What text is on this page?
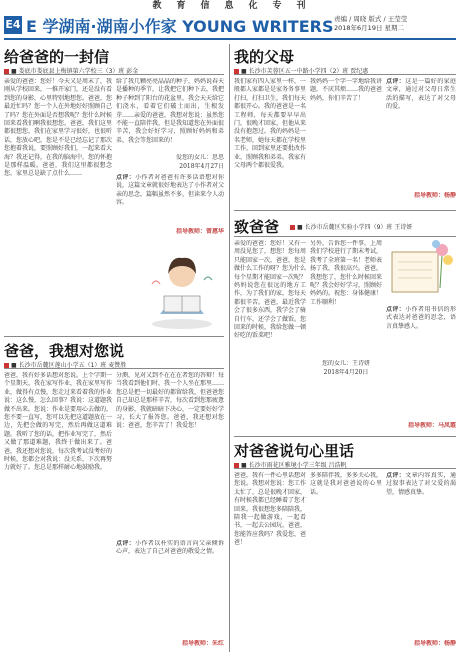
教 育 信 息 化 专 刊
E4 E 学湖南·湖南小作家 YOUNG WRITERS 责编 / 周晓 版式 / 王莹莹
2018年6月19日 星期二
给爸爸的一封信
■ 娄底市娄底县上梅镇第六学校三（3）班 彭金
亲爱的爸爸：您好！今天又是周末了，我刚从学校回来，一推开家门，还是没有看到您的身影，心里特别地想您。爸爸，您最近忙吗？您一个人在外地好好照顾自己了吗？您在外面是否想我呢？您什么时候回来看我们啊我很想您。爸爸，我们这里都很想您，我们在家里学习很好，也很听话，您放心吧。您是不是已经忘记了那次您抱着我说，要照顾好我们，一起来看大海？我还记得，在我的脑海中，您的怀抱是那样温暖。爸爸，我们这里都很想念您，家里总是缺了点什么……
给了我几颗亮亮晶晶的种子，妈妈说春天是播种的季节，让我把它们种下去，我把种子种到了阳台的花盆里，我会天天给它们浇水，看着它们破土而出，生根发芽……亲爱的爸爸，我想对您说：虽然您不能一直陪伴我，但是我知道您在外面很辛苦，我会好好学习，照顾好妈妈和弟弟，我会等您回来的！
爱您的女儿：思思
2018年4月27日
点评：小作者对爸爸有许多话语想对你说，这篇文章就很好地表达了小作者对父亲的思念，篇幅虽然不多，但读来令人动容。
指导教师：曾惠华
爸爸，我想对您说
■ 长沙市岳麓区莲山小学五（1）班 麦赞胜
爸爸，我有好多话想对您说。上个学期一个星期天，我在家写作业，我在家里写作业，做得有点慢，您走过来看着我的作业说：这么慢，怎么回事？我说：这道题我做不出来。您说：作业是要用心去做的，您不要一直写，您可以先把这道题放在一边，先把会做的写完，然后再做这道难题。我听了您的话，把作业写完了，然后又做了那道难题，我终于做出来了。爸爸，我还想对您说，每次我考试没考好的时候，您都会对我说：没关系，下次再努力就好了。您总是那样耐心地鼓励我。
分测，见对又到不在在在者您的答辩！每当我看到他们时，我一个人坐在那里……您总是把一切最好的都留给我，但爸爸您自己却总是那样辛苦，每次看到您那疲惫的身影，我就暗暗下决心，一定要好好学习，长大了报答您。爸爸，我还想对您说：爸爸，您辛苦了！我爱您！
点评：小作者以朴实的语言向父亲倾诉心声，表达了自己对爸爸的敬爱之情。
指导教师：朱红
我的父母
■ 长沙市芙蓉区五一中路小学四（2）班 贾纪惠
我们家有四人家里一样，一般都人家都是是家务务事里打扫，打扫卫生，我们每天都很开心。我的爸爸是一名工程师，每天都要早早出门，很晚才回家，但他从来没有抱怨过。我的妈妈是一名老师，她每天都在学校里工作，回到家里还要批改作业，照顾我和弟弟。我家有父母两个都很爱我。
我妈妈一个字一字地给我讲题，不厌其烦……我的爸爸妈妈，你们辛苦了！
点评：这是一篇好的家庭文章，通过对父母日常生活的描写，表达了对父母的爱。
指导教师：杨静
致爸爸	■ 长沙市岳麓区实验小学四（9）班 王诗妍
亲爱的爸爸：您好！又有一周没见您了，想您！您每周只能回家一次，爸爸，您是做什么工作的呀？您为什么每个星期才能回家一次呢？妈妈说您在很远的地方工作，为了我们的家，您每天都很辛苦。爸爸，最近我学会了很多东西，我学会了骑自行车，还学会了做饭。您回来的时候，我给您做一顿好吃的饭菜吧！
另外，告诉您一件事，上周我们学校进行了期末考试，我考了全班第一名！老师表扬了我，我很高兴。爸爸，我想您了，您什么时候回来呢？我会好好学习，照顾好妈妈的。祝您：身体健康！工作顺利！
您的女儿：王诗妍
2018年4月20日
点评：小作者用书信的形式表达对爸爸的思念，语言真挚感人。
指导教师：马凤霞
对爸爸说句心里话
■ 长沙市雨花区雅境小学三年级 吕浩帆
爸爸，我有一件心里话想对您说。我想对您说：您工作太忙了，总是很晚才回家，有时候我都已经睡着了您才回来。我很想您多陪陪我，陪我一起做游戏，一起看书，一起去公园玩。爸爸，您能答应我吗？我爱您，爸爸！
多多陪伴我，多多关心我，这就是我对爸爸说的心里话。
点评：文章内容真实，通过叙事表达了对父爱的渴望，情感真挚。
指导教师：杨静
